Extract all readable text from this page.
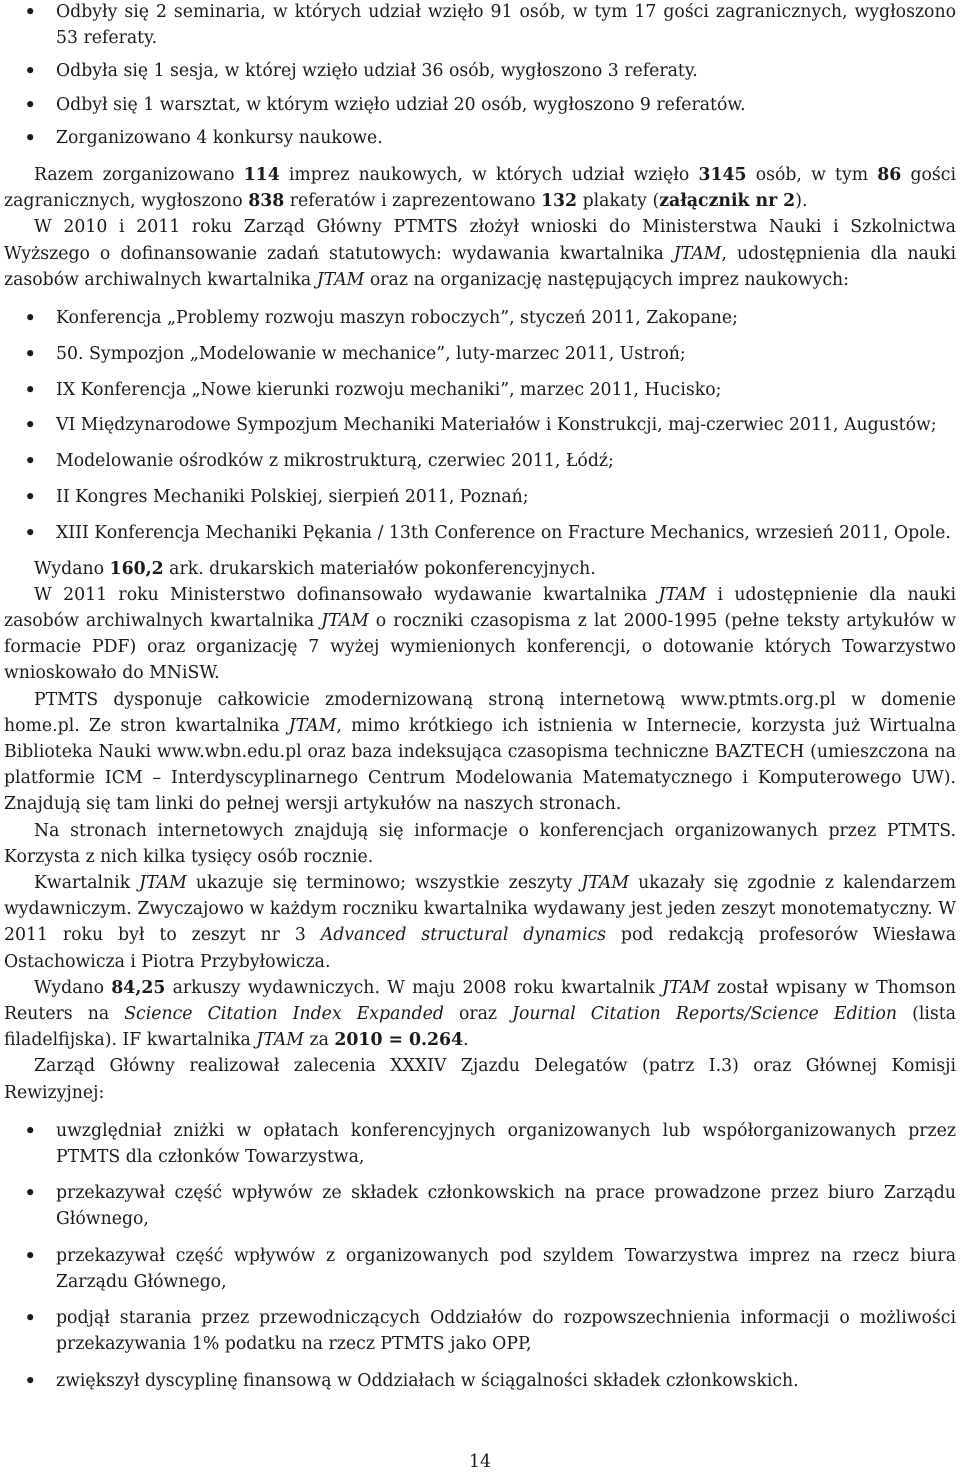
• Odbyły się 2 seminaria, w których udział wzięło 91 osób, w tym 17 gości zagranicznych, wygłoszono 53 referaty.
• Odbyła się 1 sesja, w której wzięło udział 36 osób, wygłoszono 3 referaty.
• Odbył się 1 warsztat, w którym wzięło udział 20 osób, wygłoszono 9 referatów.
• Zorganizowano 4 konkursy naukowe.

Razem zorganizowano 114 imprez naukowych, w których udział wzięło 3145 osób, w tym 86 gości zagranicznych, wygłoszono 838 referatów i zaprezentowano 132 plakaty (załącznik nr 2).

W 2010 i 2011 roku Zarząd Główny PTMTS złożył wnioski do Ministerstwa Nauki i Szkolnictwa Wyższego o dofinansowanie zadań statutowych: wydawania kwartalnika JTAM, udostępnienia dla nauki zasobów archiwalnych kwartalnika JTAM oraz na organizację następujących imprez naukowych:

• Konferencja „Problemy rozwoju maszyn roboczych”, styczeń 2011, Zakopane;
• 50. Sympozjon „Modelowanie w mechanice”, luty-marzec 2011, Ustroń;
• IX Konferencja „Nowe kierunki rozwoju mechaniki”, marzec 2011, Hucisko;
• VI Międzynarodowe Sympozjum Mechaniki Materiałów i Konstrukcji, maj-czerwiec 2011, Augustów;
• Modelowanie ośrodków z mikrostrukturą, czerwiec 2011, Łódź;
• II Kongres Mechaniki Polskiej, sierpień 2011, Poznań;
• XIII Konferencja Mechaniki Pękania / 13th Conference on Fracture Mechanics, wrzesień 2011, Opole.

Wydano 160,2 ark. drukarskich materiałów pokonferencyjnych.

W 2011 roku Ministerstwo dofinansowało wydawanie kwartalnika JTAM i udostępnienie dla nauki zasobów archiwalnych kwartalnika JTAM o roczniki czasopisma z lat 2000-1995 (pełne teksty artykułów w formacie PDF) oraz organizację 7 wyżej wymienionych konferencji, o dotowanie których Towarzystwo wnioskowało do MNiSW.

PTMTS dysponuje całkowicie zmodernizowaną stroną internetową www.ptmts.org.pl w domenie home.pl. Ze stron kwartalnika JTAM, mimo krótkiego ich istnienia w Internecie, korzysta już Wirtualna Biblioteka Nauki www.wbn.edu.pl oraz baza indeksująca czasopisma techniczne BAZTECH (umieszczona na platformie ICM – Interdyscyplinarnego Centrum Modelowania Matematycznego i Komputerowego UW). Znajdują się tam linki do pełnej wersji artykułów na naszych stronach.

Na stronach internetowych znajdują się informacje o konferencjach organizowanych przez PTMTS. Korzysta z nich kilka tysięcy osób rocznie.

Kwartalnik JTAM ukazuje się terminowo; wszystkie zeszyty JTAM ukazały się zgodnie z kalendarzem wydawniczym. Zwyczajowo w każdym roczniku kwartalnika wydawany jest jeden zeszyt monotematyczny. W 2011 roku był to zeszyt nr 3 Advanced structural dynamics pod redakcją profesorów Wiesława Ostachowicza i Piotra Przybyłowicza.

Wydano 84,25 arkuszy wydawniczych. W maju 2008 roku kwartalnik JTAM został wpisany w Thomson Reuters na Science Citation Index Expanded oraz Journal Citation Reports/Science Edition (lista filadelfijska). IF kwartalnika JTAM za 2010 = 0.264.

Zarząd Główny realizował zalecenia XXXIV Zjazdu Delegatów (patrz I.3) oraz Głównej Komisji Rewizyjnej:

• uwzględniał zniżki w opłatach konferencyjnych organizowanych lub współorganizowanych przez PTMTS dla członków Towarzystwa,
• przekazywał część wpływów ze składek członkowskich na prace prowadzone przez biuro Zarządu Głównego,
• przekazywał część wpływów z organizowanych pod szyldem Towarzystwa imprez na rzecz biura Zarządu Głównego,
• podjął starania przez przewodniczących Oddziałów do rozpowszechnienia informacji o możliwości przekazywania 1% podatku na rzecz PTMTS jako OPP,
• zwiększył dyscyplinę finansową w Oddziałach w ściągalności składek członkowskich.
14
